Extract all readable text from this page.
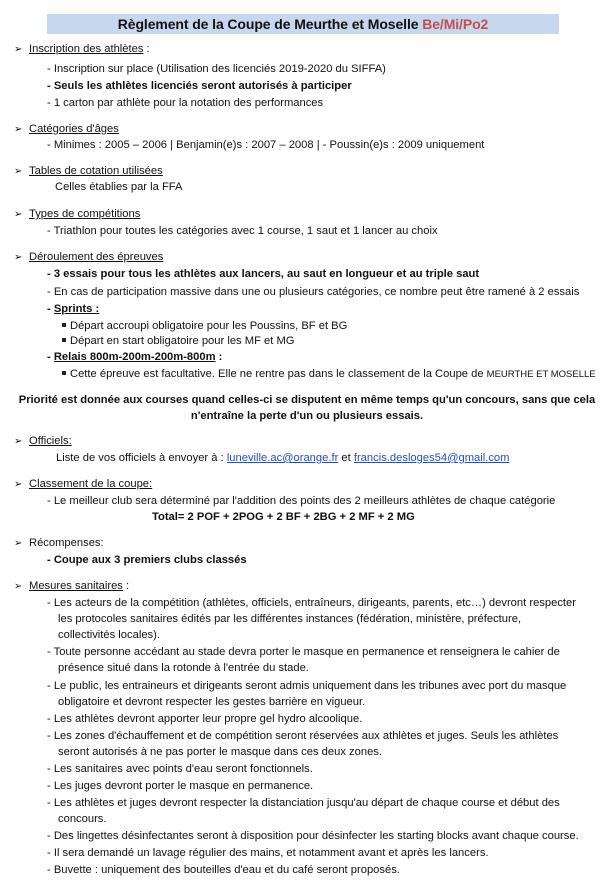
Règlement de la Coupe de Meurthe et Moselle Be/Mi/Po2
➢ Inscription des athlètes :
- Inscription sur place (Utilisation des licenciés 2019-2020 du SIFFA)
- Seuls les athlètes licenciés seront autorisés à participer
- 1 carton par athlète pour la notation des performances
➢ Catégories d'âges
- Minimes : 2005 – 2006 | Benjamin(e)s : 2007 – 2008 | - Poussin(e)s : 2009 uniquement
➢ Tables de cotation utilisées
Celles établies par la FFA
➢ Types de compétitions
- Triathlon pour toutes les catégories avec 1 course, 1 saut et 1 lancer au choix
➢ Déroulement des épreuves
- 3 essais pour tous les athlètes aux lancers, au saut en longueur et au triple saut
- En cas de participation massive dans une ou plusieurs catégories, ce nombre peut être ramené à 2 essais
- Sprints :
Départ accroupi obligatoire pour les Poussins, BF et BG
Départ en start obligatoire pour les MF et MG
- Relais 800m-200m-200m-800m :
Cette épreuve est facultative. Elle ne rentre pas dans le classement de la Coupe de MEURTHE ET MOSELLE
Priorité est donnée aux courses quand celles-ci se disputent en même temps qu'un concours, sans que cela
n'entraîne la perte d'un ou plusieurs essais.
➢ Officiels:
Liste de vos officiels à envoyer à : luneville.ac@orange.fr et francis.desloges54@gmail.com
➢ Classement de la coupe:
- Le meilleur club sera déterminé par l'addition des points des 2 meilleurs athlètes de chaque catégorie
Total= 2 POF + 2POG + 2 BF + 2BG + 2 MF + 2 MG
➢ Récompenses:
- Coupe aux 3 premiers clubs classés
➢ Mesures sanitaires :
- Les acteurs de la compétition (athlètes, officiels, entraîneurs, dirigeants, parents, etc…) devront respecter
les protocoles sanitaires édités par les différentes instances (fédération, ministère, préfecture,
collectivités locales).
- Toute personne accédant au stade devra porter le masque en permanence et renseignera le cahier de
présence situé dans la rotonde à l'entrée du stade.
- Le public, les entraineurs et dirigeants seront admis uniquement dans les tribunes avec port du masque
obligatoire et devront respecter les gestes barrière en vigueur.
- Les athlètes devront apporter leur propre gel hydro alcoolique.
- Les zones d'échauffement et de compétition seront réservées aux athlètes et juges. Seuls les athlètes
seront autorisés à ne pas porter le masque dans ces deux zones.
- Les sanitaires avec points d'eau seront fonctionnels.
- Les juges devront porter le masque en permanence.
- Les athlètes et juges devront respecter la distanciation jusqu'au départ de chaque course et début des
concours.
- Des lingettes désinfectantes seront à disposition pour désinfecter les starting blocks avant chaque course.
- Il sera demandé un lavage régulier des mains, et notamment avant et après les lancers.
- Buvette : uniquement des bouteilles d'eau et du café seront proposés.
